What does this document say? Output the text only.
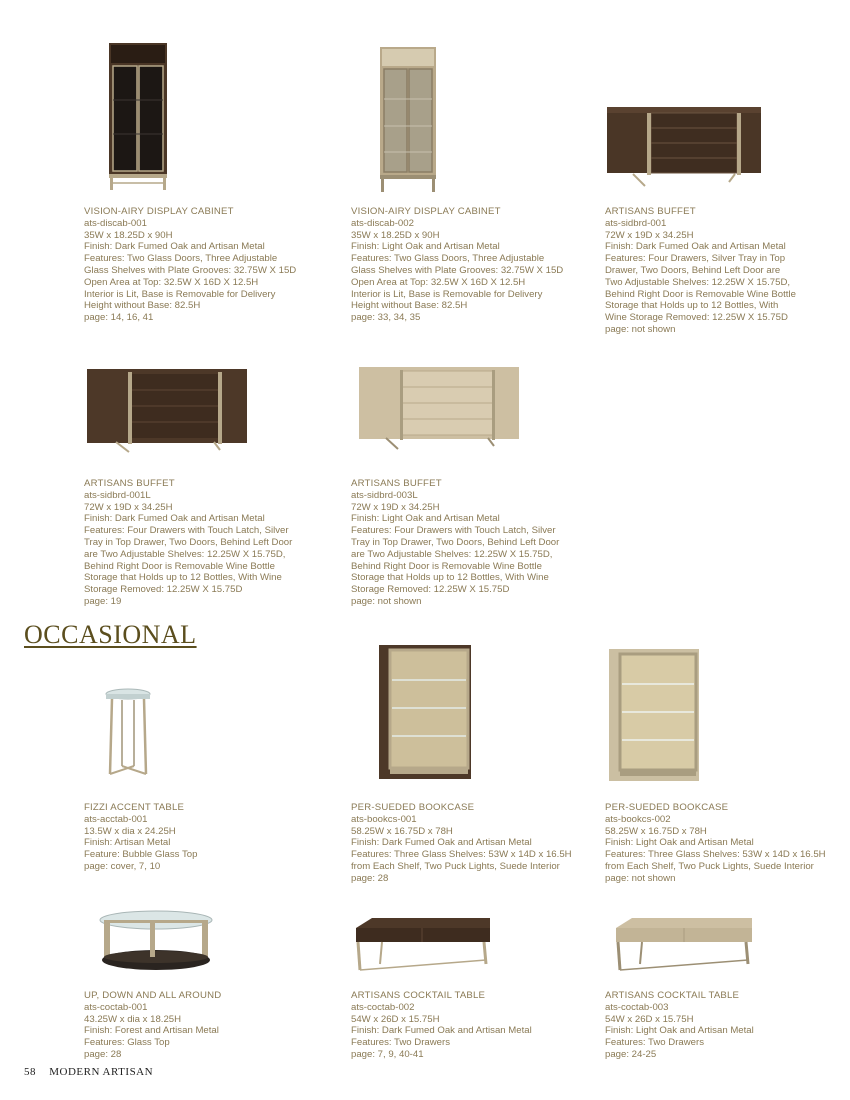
VISION-AIRY DISPLAY CABINET
ats-discab-001
35W x 18.25D x 90H
Finish: Dark Fumed Oak and Artisan Metal
Features: Two Glass Doors, Three Adjustable
Glass Shelves with Plate Grooves: 32.75W X 15D
Open Area at Top: 32.5W X 16D X 12.5H
Interior is Lit, Base is Removable for Delivery
Height without Base: 82.5H
page: 14, 16, 41
VISION-AIRY DISPLAY CABINET
ats-discab-002
35W x 18.25D x 90H
Finish: Light Oak and Artisan Metal
Features: Two Glass Doors, Three Adjustable
Glass Shelves with Plate Grooves: 32.75W X 15D
Open Area at Top: 32.5W X 16D X 12.5H
Interior is Lit, Base is Removable for Delivery
Height without Base: 82.5H
page: 33, 34, 35
ARTISANS BUFFET
ats-sidbrd-001
72W x 19D x 34.25H
Finish: Dark Fumed Oak and Artisan Metal
Features: Four Drawers, Silver Tray in Top
Drawer, Two Doors, Behind Left Door are
Two Adjustable Shelves: 12.25W X 15.75D,
Behind Right Door is Removable Wine Bottle
Storage that Holds up to 12 Bottles, With
Wine Storage Removed: 12.25W X 15.75D
page: not shown
ARTISANS BUFFET
ats-sidbrd-001L
72W x 19D x 34.25H
Finish: Dark Fumed Oak and Artisan Metal
Features: Four Drawers with Touch Latch, Silver
Tray in Top Drawer, Two Doors, Behind Left Door
are Two Adjustable Shelves: 12.25W X 15.75D,
Behind Right Door is Removable Wine Bottle
Storage that Holds up to 12 Bottles, With Wine
Storage Removed: 12.25W X 15.75D
page: 19
ARTISANS BUFFET
ats-sidbrd-003L
72W x 19D x 34.25H
Finish: Light Oak and Artisan Metal
Features: Four Drawers with Touch Latch, Silver
Tray in Top Drawer, Two Doors, Behind Left Door
are Two Adjustable Shelves: 12.25W X 15.75D,
Behind Right Door is Removable Wine Bottle
Storage that Holds up to 12 Bottles, With Wine
Storage Removed: 12.25W X 15.75D
page: not shown
OCCASIONAL
FIZZI ACCENT TABLE
ats-acctab-001
13.5W x dia x 24.25H
Finish: Artisan Metal
Feature: Bubble Glass Top
page: cover, 7, 10
PER-SUEDED BOOKCASE
ats-bookcs-001
58.25W x 16.75D x 78H
Finish: Dark Fumed Oak and Artisan Metal
Features: Three Glass Shelves: 53W x 14D x 16.5H
from Each Shelf, Two Puck Lights, Suede Interior
page: 28
PER-SUEDED BOOKCASE
ats-bookcs-002
58.25W x 16.75D x 78H
Finish: Light Oak and Artisan Metal
Features: Three Glass Shelves: 53W x 14D x 16.5H
from Each Shelf, Two Puck Lights, Suede Interior
page: not shown
UP, DOWN AND ALL AROUND
ats-coctab-001
43.25W x dia x 18.25H
Finish: Forest and Artisan Metal
Features: Glass Top
page: 28
ARTISANS COCKTAIL TABLE
ats-coctab-002
54W x 26D x 15.75H
Finish: Dark Fumed Oak and Artisan Metal
Features: Two Drawers
page: 7, 9, 40-41
ARTISANS COCKTAIL TABLE
ats-coctab-003
54W x 26D x 15.75H
Finish: Light Oak and Artisan Metal
Features: Two Drawers
page: 24-25
58 MODERN ARTISAN
